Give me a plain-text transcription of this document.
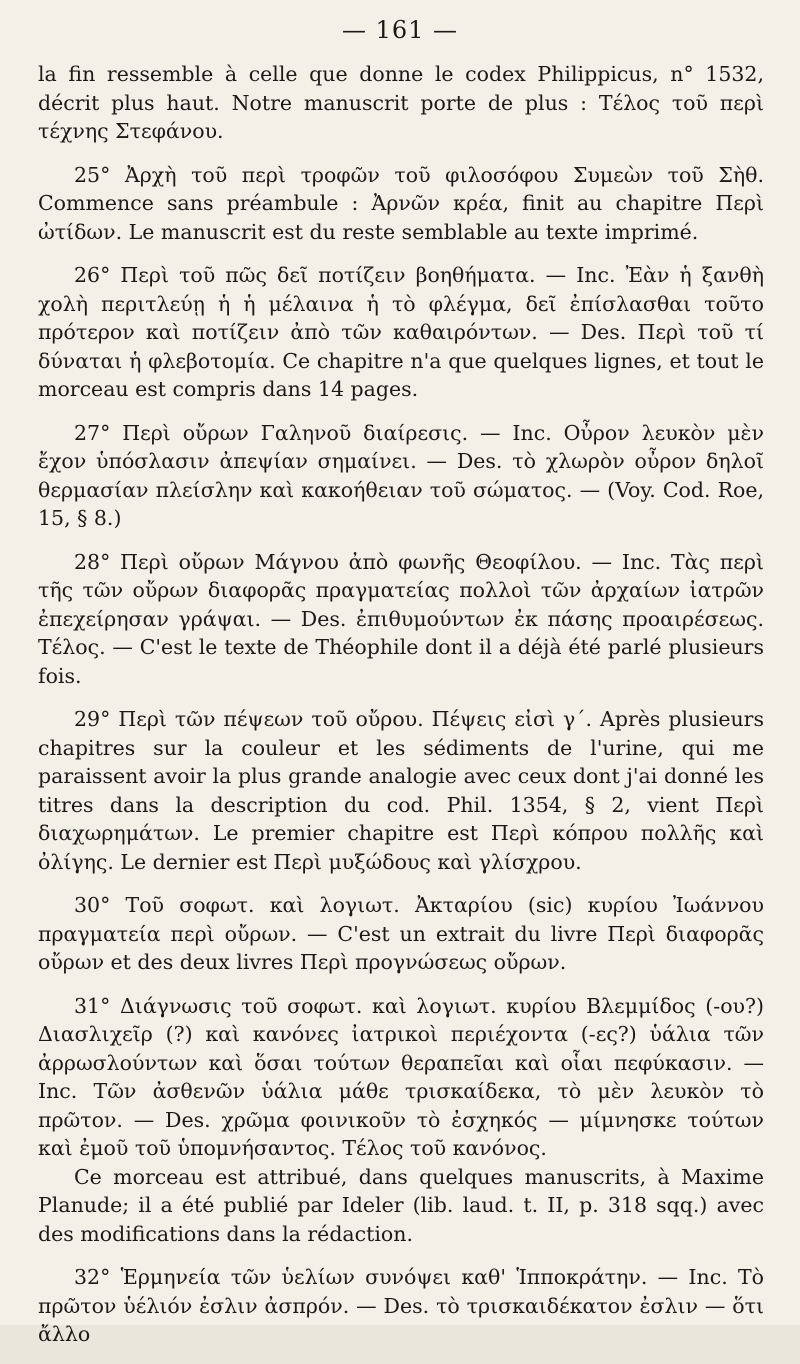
— 161 —

la fin ressemble à celle que donne le codex Philippicus, n° 1532, décrit plus haut. Notre manuscrit porte de plus : Τέλος τοῦ περὶ τέχνης Στεφάνου.

25° Ἀρχὴ τοῦ περὶ τροφῶν τοῦ φιλοσόφου Συμεὼν τοῦ Σὴθ. Commence sans préambule : Ἀρνῶν κρέα, finit au chapitre Περὶ ὠτίδων. Le manuscrit est du reste semblable au texte imprimé.

26° Περὶ τοῦ πῶς δεῖ ποτίζειν βοηθήματα. — Inc. Ἐὰν ἡ ξανθὴ χολὴ περιτλεύῃ ἡ ἡ μέλαινα ἡ τὸ φλέγμα, δεῖ ἐπίσλασθαι τοῦτο πρότερον καὶ ποτίζειν ἀπὸ τῶν καθαιρόντων. — Des. Περὶ τοῦ τί δύναται ἡ φλεβοτομία. Ce chapitre n'a que quelques lignes, et tout le morceau est compris dans 14 pages.

27° Περὶ οὔρων Γαληνοῦ διαίρεσις. — Inc. Οὖρον λευκὸν μὲν ἔχον ὑπόσλασιν ἀπεψίαν σημαίνει. — Des. τὸ χλωρὸν οὖρον δηλοῖ θερμασίαν πλείσλην καὶ κακοήθειαν τοῦ σώματος. — (Voy. Cod. Roe, 15, § 8.)

28° Περὶ οὔρων Μάγνου ἀπὸ φωνῆς Θεοφίλου. — Inc. Τὰς περὶ τῆς τῶν οὔρων διαφορᾶς πραγματείας πολλοὶ τῶν ἀρχαίων ἰατρῶν ἐπεχείρησαν γράψαι. — Des. ἐπιθυμούντων ἐκ πάσης προαιρέσεως. Τέλος. — C'est le texte de Théophile dont il a déjà été parlé plusieurs fois.

29° Περὶ τῶν πέψεων τοῦ οὔρου. Πέψεις εἰσὶ γ΄. Après plusieurs chapitres sur la couleur et les sédiments de l'urine, qui me paraissent avoir la plus grande analogie avec ceux dont j'ai donné les titres dans la description du cod. Phil. 1354, § 2, vient Περὶ διαχωρημάτων. Le premier chapitre est Περὶ κόπρου πολλῆς καὶ ὀλίγης. Le dernier est Περὶ μυξώδους καὶ γλίσχρου.

30° Τοῦ σοφωτ. καὶ λογιωτ. Ἀκταρίου (sic) κυρίου Ἰωάννου πραγματεία περὶ οὔρων. — C'est un extrait du livre Περὶ διαφορᾶς οὔρων et des deux livres Περὶ προγνώσεως οὔρων.

31° Διάγνωσις τοῦ σοφωτ. καὶ λογιωτ. κυρίου Βλεμμίδος (-ου?) Διασλιχεῖρ (?) καὶ κανόνες ἰατρικοὶ περιέχοντα (-ες?) ὑάλια τῶν ἀρρωσλούντων καὶ ὅσαι τούτων θεραπεῖαι καὶ οἷαι πεφύκασιν. — Inc. Τῶν ἀσθενῶν ὑάλια μάθε τρισκαίδεκα, τὸ μὲν λευκὸν τὸ πρῶτον. — Des. χρῶμα φοινικοῦν τὸ ἐσχηκός — μίμνησκε τούτων καὶ ἐμοῦ τοῦ ὑπομνήσαντος. Τέλος τοῦ κανόνος.

Ce morceau est attribué, dans quelques manuscrits, à Maxime Planude; il a été publié par Ideler (lib. laud. t. II, p. 318 sqq.) avec des modifications dans la rédaction.

32° Ἑρμηνεία τῶν ὑελίων συνόψει καθ' Ἱπποκράτην. — Inc. Τὸ πρῶτον ὑέλιόν ἐσλιν ἀσπρόν. — Des. τὸ τρισκαιδέκατον ἐσλιν — ὅτι ἄλλο
